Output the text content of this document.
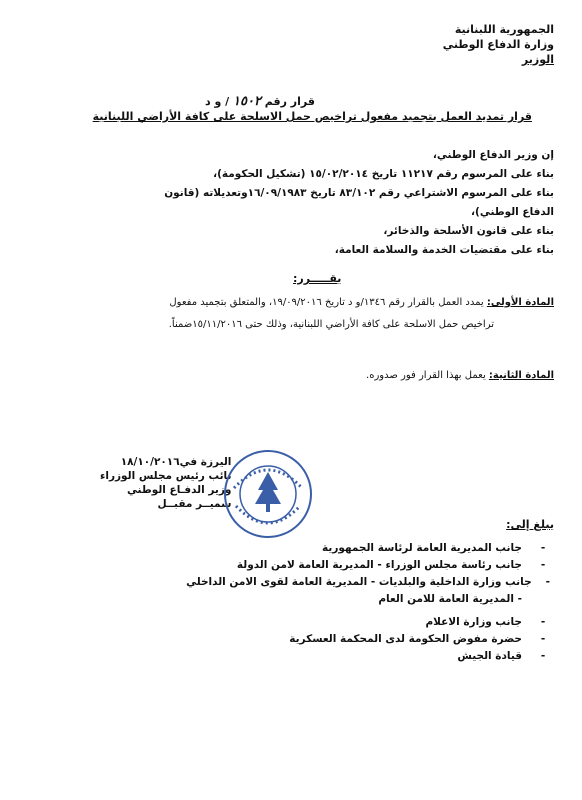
الجمهورية اللبنانية
وزارة الدفاع الوطني
الوزير
قرار رقم ١٥٠٢ / و د
قرار تمديد العمل بتجميد مفعول تراخيص حمل الاسلحة على كافة الأراضي اللبنانية
إن وزير الدفاع الوطني،
بناء على المرسوم رقم ١١٢١٧ تاريخ ١٥/٠٢/٢٠١٤ (تشكيل الحكومة)،
بناء على المرسوم الاشتراعي رقم ٨٣/١٠٢ تاريخ ١٦/٠٩/١٩٨٣وتعديلاته (قانون
الدفاع الوطني)،
بناء على قانون الأسلحة والذخائر،
بناء على مقتضيات الخدمة والسلامة العامة،
يقـــــرر:
المادة الأولى: يمدد العمل بالقرار رقم ١٣٤٦/و د تاريخ ١٩/٠٩/٢٠١٦، والمتعلق بتجميد مفعول
تراخيص حمل الاسلحة على كافة الأراضي اللبنانية، وذلك حتى ١٥/١١/٢٠١٦ضمناً.
المادة الثانية: يعمل بهذا القرار فور صدوره.
اليرزة في١٨/١٠/٢٠١٦
نائب رئيس مجلس الوزراء
وزير الدفـاع الوطني
سميــر مقبــل
يبلغ إلى:
-
جانب المديرية العامة لرئاسة الجمهورية
-
جانب رئاسة مجلس الوزراء - المديرية العامة لامن الدولة
-
جانب وزارة الداخلية والبلديات - المديرية العامة لقوى الامن الداخلي
- المديرية العامة للامن العام
-
جانب وزارة الاعلام
-
حضرة مفوض الحكومة لدى المحكمة العسكرية
-
قيادة الجيش
